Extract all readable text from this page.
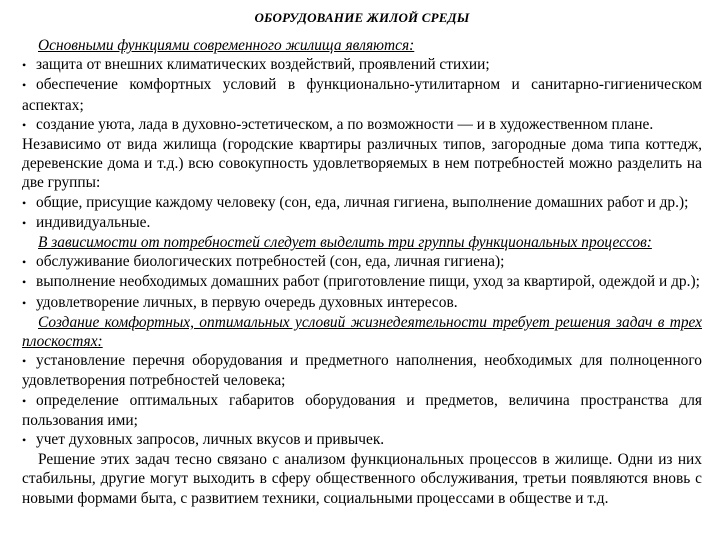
ОБОРУДОВАНИЕ ЖИЛОЙ СРЕДЫ

Основными функциями современного жилища являются:

• защита от внешних климатических воздействий, проявлений стихии;

• обеспечение комфортных условий в функционально-утилитарном и санитарно-гигиеническом аспектах;

• создание уюта, лада в духовно-эстетическом, а по возможности — и в художественном плане.

Независимо от вида жилища (городские квартиры различных типов, загородные дома типа коттедж, деревенские дома и т.д.) всю совокупность удовлетворяемых в нем потребностей можно разделить на две группы:

• общие, присущие каждому человеку (сон, еда, личная гигиена, выполнение домашних работ и др.);

• индивидуальные.

В зависимости от потребностей следует выделить три группы функциональных процессов:

• обслуживание биологических потребностей (сон, еда, личная гигиена);

• выполнение необходимых домашних работ (приготовление пищи, уход за квартирой, одеждой и др.);

• удовлетворение личных, в первую очередь духовных интересов.

Создание комфортных, оптимальных условий жизнедеятельности требует решения задач в трех плоскостях:

• установление перечня оборудования и предметного наполнения, необходимых для полноценного удовлетворения потребностей человека;

• определение оптимальных габаритов оборудования и предметов, величина пространства для пользования ими;

• учет духовных запросов, личных вкусов и привычек.

Решение этих задач тесно связано с анализом функциональных процессов в жилище. Одни из них стабильны, другие могут выходить в сферу общественного обслуживания, третьи появляются вновь с новыми формами быта, с развитием техники, социальными процессами в обществе и т.д.
